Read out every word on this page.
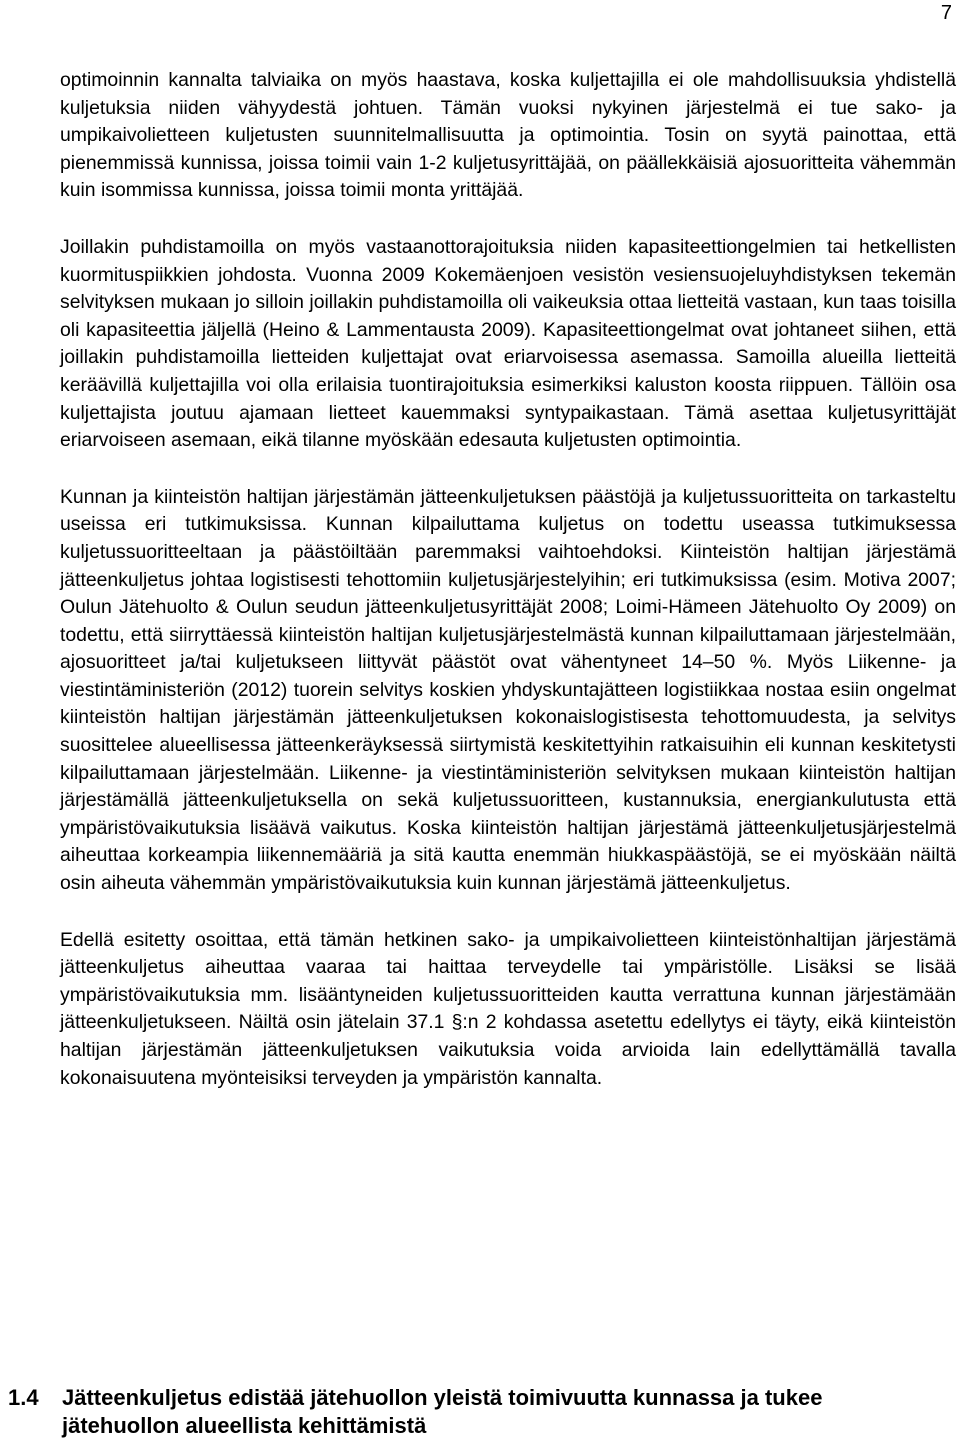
7

optimoinnin kannalta talviaika on myös haastava, koska kuljettajilla ei ole mahdollisuuksia yhdistellä kuljetuksia niiden vähyydestä johtuen. Tämän vuoksi nykyinen järjestelmä ei tue sako- ja umpikaivolietteen kuljetusten suunnitelmallisuutta ja optimointia. Tosin on syytä painottaa, että pienemmissä kunnissa, joissa toimii vain 1-2 kuljetusyrittäjää, on päällekkäisiä ajosuoritteita vähemmän kuin isommissa kunnissa, joissa toimii monta yrittäjää.

Joillakin puhdistamoilla on myös vastaanottorajoituksia niiden kapasiteettiongelmien tai hetkellisten kuormituspiikkien johdosta. Vuonna 2009 Kokemäenjoen vesistön vesiensuojeluyhdistyksen tekemän selvityksen mukaan jo silloin joillakin puhdistamoilla oli vaikeuksia ottaa lietteitä vastaan, kun taas toisilla oli kapasiteettia jäljellä (Heino & Lammentausta 2009). Kapasiteettiongelmat ovat johtaneet siihen, että joillakin puhdistamoilla lietteiden kuljettajat ovat eriarvoisessa asemassa. Samoilla alueilla lietteitä keräävillä kuljettajilla voi olla erilaisia tuontirajoituksia esimerkiksi kaluston koosta riippuen. Tällöin osa kuljettajista joutuu ajamaan lietteet kauemmaksi syntypaikastaan. Tämä asettaa kuljetusyrittäjät eriarvoiseen asemaan, eikä tilanne myöskään edesauta kuljetusten optimointia.

Kunnan ja kiinteistön haltijan järjestämän jätteenkuljetuksen päästöjä ja kuljetussuoritteita on tarkasteltu useissa eri tutkimuksissa. Kunnan kilpailuttama kuljetus on todettu useassa tutkimuksessa kuljetussuoritteeltaan ja päästöiltään paremmaksi vaihtoehdoksi. Kiinteistön haltijan järjestämä jätteenkuljetus johtaa logistisesti tehottomiin kuljetusjärjestelyihin; eri tutkimuksissa (esim. Motiva 2007; Oulun Jätehuolto & Oulun seudun jätteenkuljetusyrittäjät 2008; Loimi-Hämeen Jätehuolto Oy 2009) on todettu, että siirryttäessä kiinteistön haltijan kuljetusjärjestelmästä kunnan kilpailuttamaan järjestelmään, ajosuoritteet ja/tai kuljetukseen liittyvät päästöt ovat vähentyneet 14–50 %. Myös Liikenne- ja viestintäministeriön (2012) tuorein selvitys koskien yhdyskuntajätteen logistiikkaa nostaa esiin ongelmat kiinteistön haltijan järjestämän jätteenkuljetuksen kokonaislogistisesta tehottomuudesta, ja selvitys suosittelee alueellisessa jätteenkeräyksessä siirtymistä keskitettyihin ratkaisuihin eli kunnan keskitetysti kilpailuttamaan järjestelmään. Liikenne- ja viestintäministeriön selvityksen mukaan kiinteistön haltijan järjestämällä jätteenkuljetuksella on sekä kuljetussuoritteen, kustannuksia, energiankulutusta että ympäristövaikutuksia lisäävä vaikutus. Koska kiinteistön haltijan järjestämä jätteenkuljetusjärjestelmä aiheuttaa korkeampia liikennemääriä ja sitä kautta enemmän hiukkaspäästöjä, se ei myöskään näiltä osin aiheuta vähemmän ympäristövaikutuksia kuin kunnan järjestämä jätteenkuljetus.

Edellä esitetty osoittaa, että tämän hetkinen sako- ja umpikaivolietteen kiinteistönhaltijan järjestämä jätteenkuljetus aiheuttaa vaaraa tai haittaa terveydelle tai ympäristölle. Lisäksi se lisää ympäristövaikutuksia mm. lisääntyneiden kuljetussuoritteiden kautta verrattuna kunnan järjestämään jätteenkuljetukseen. Näiltä osin jätelain 37.1 §:n 2 kohdassa asetettu edellytys ei täyty, eikä kiinteistön haltijan järjestämän jätteenkuljetuksen vaikutuksia voida arvioida lain edellyttämällä tavalla kokonaisuutena myönteisiksi terveyden ja ympäristön kannalta.

1.4	Jätteenkuljetus edistää jätehuollon yleistä toimivuutta kunnassa ja tukee jätehuollon alueellista kehittämistä
